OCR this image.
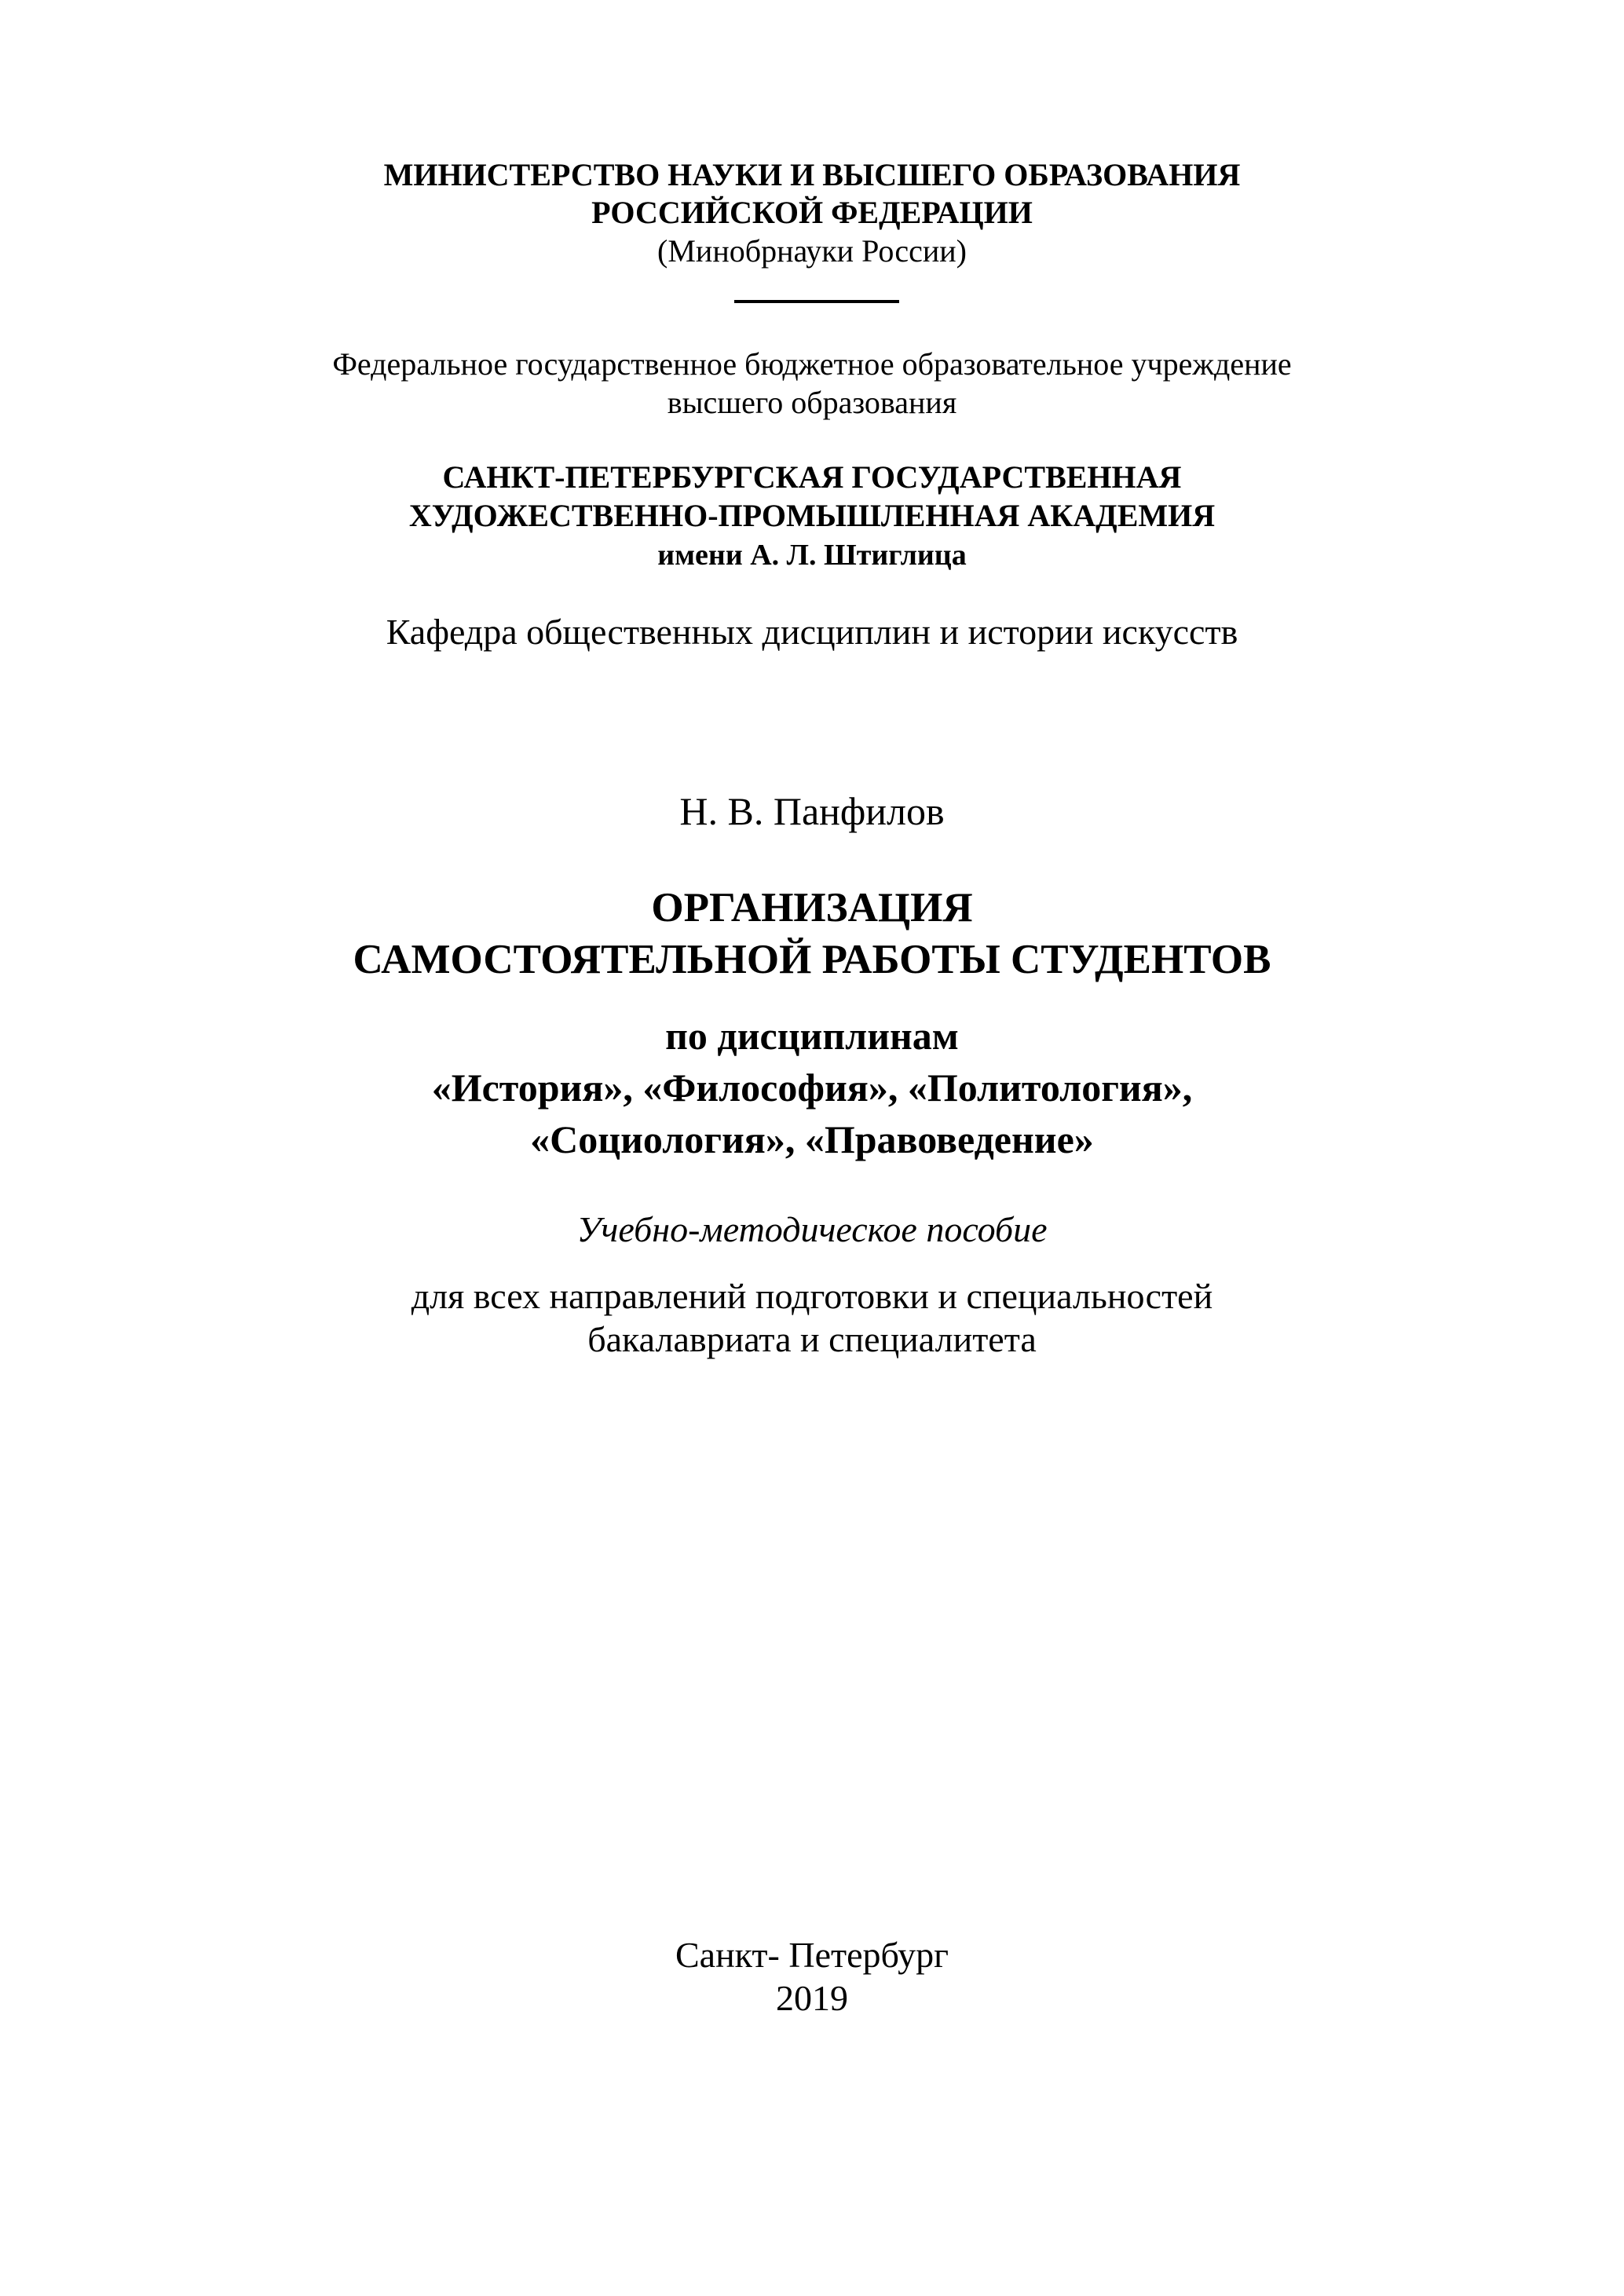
МИНИСТЕРСТВО НАУКИ И ВЫСШЕГО ОБРАЗОВАНИЯ
РОССИЙСКОЙ ФЕДЕРАЦИИ
(Минобрнауки России)
Федеральное государственное бюджетное образовательное учреждение
высшего образования
САНКТ-ПЕТЕРБУРГСКАЯ ГОСУДАРСТВЕННАЯ
ХУДОЖЕСТВЕННО-ПРОМЫШЛЕННАЯ АКАДЕМИЯ
имени А. Л. Штиглица
Кафедра общественных дисциплин и истории искусств
Н. В. Панфилов
ОРГАНИЗАЦИЯ
САМОСТОЯТЕЛЬНОЙ РАБОТЫ СТУДЕНТОВ
по дисциплинам
«История», «Философия», «Политология»,
«Социология», «Правоведение»
Учебно-методическое пособие
для всех направлений подготовки и специальностей
бакалавриата и специалитета
Санкт- Петербург
2019
